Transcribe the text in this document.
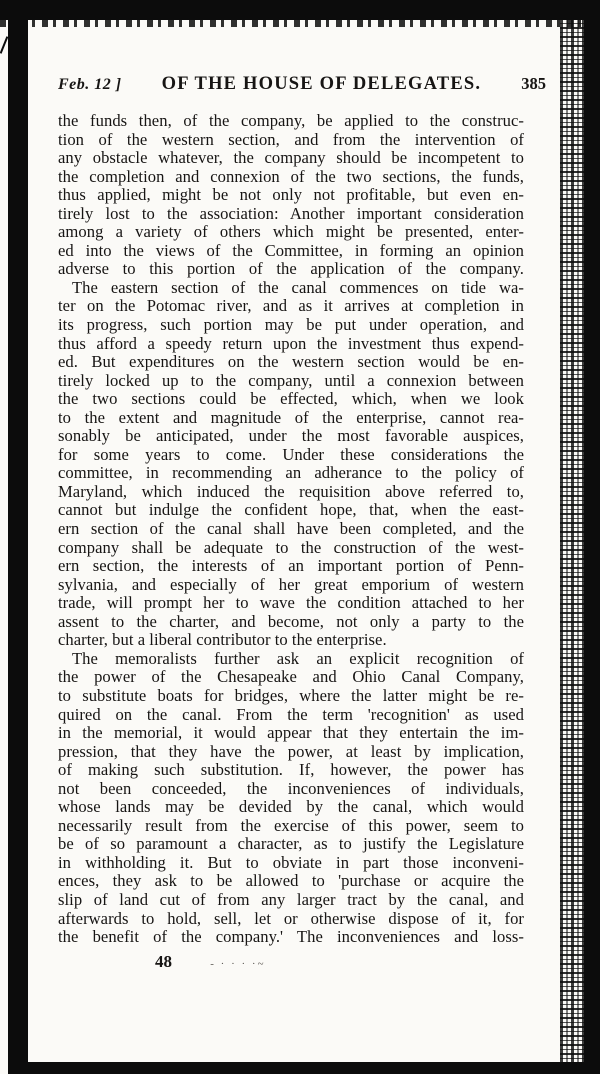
Feb. 12 ] OF THE HOUSE OF DELEGATES. 385
the funds then, of the company, be applied to the construc-
tion of the western section, and from the intervention of
any obstacle whatever, the company should be incompetent to
the completion and connexion of the two sections, the funds,
thus applied, might be not only not profitable, but even en-
tirely lost to the association: Another important consideration
among a variety of others which might be presented, enter-
ed into the views of the Committee, in forming an opinion
adverse to this portion of the application of the company.
The eastern section of the canal commences on tide wa-
ter on the Potomac river, and as it arrives at completion in
its progress, such portion may be put under operation, and
thus afford a speedy return upon the investment thus expend-
ed. But expenditures on the western section would be en-
tirely locked up to the company, until a connexion between
the two sections could be effected, which, when we look
to the extent and magnitude of the enterprise, cannot rea-
sonably be anticipated, under the most favorable auspices,
for some years to come. Under these considerations the
committee, in recommending an adherance to the policy of
Maryland, which induced the requisition above referred to,
cannot but indulge the confident hope, that, when the east-
ern section of the canal shall have been completed, and the
company shall be adequate to the construction of the west-
ern section, the interests of an important portion of Penn-
sylvania, and especially of her great emporium of western
trade, will prompt her to wave the condition attached to her
assent to the charter, and become, not only a party to the
charter, but a liberal contributor to the enterprise.
The memoralists further ask an explicit recognition of
the power of the Chesapeake and Ohio Canal Company,
to substitute boats for bridges, where the latter might be re-
quired on the canal. From the term 'recognition' as used
in the memorial, it would appear that they entertain the im-
pression, that they have the power, at least by implication,
of making such substitution. If, however, the power has
not been conceeded, the inconveniences of individuals,
whose lands may be devided by the canal, which would
necessarily result from the exercise of this power, seem to
be of so paramount a character, as to justify the Legislature
in withholding it. But to obviate in part those inconveni-
ences, they ask to be allowed to 'purchase or acquire the
slip of land cut of from any larger tract by the canal, and
afterwards to hold, sell, let or otherwise dispose of it, for
the benefit of the company.' The inconveniences and loss-
48	- · · · ·~
